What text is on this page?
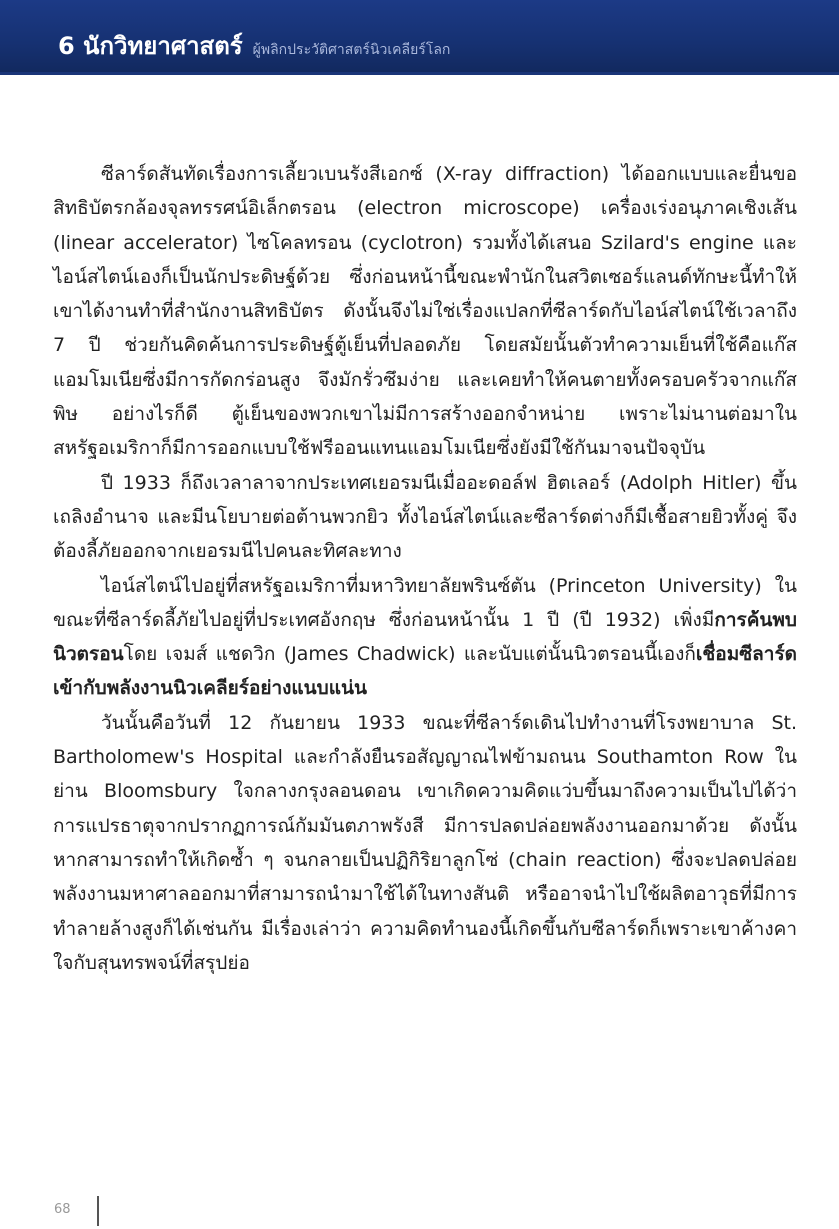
6 นักวิทยาศาสตร์ ผู้พลิกประวัติศาสตร์นิวเคลียร์โลก

ซีลาร์ดสันทัดเรื่องการเลี้ยวเบนรังสีเอกซ์ (X-ray diffraction) ได้ออกแบบและยื่นขอสิทธิบัตรกล้องจุลทรรศน์อิเล็กตรอน (electron microscope) เครื่องเร่งอนุภาคเชิงเส้น (linear accelerator) ไซโคลทรอน (cyclotron) รวมทั้งได้เสนอ Szilard's engine และไอน์สไตน์เองก็เป็นนักประดิษฐ์ด้วย ซึ่งก่อนหน้านี้ขณะพำนักในสวิตเซอร์แลนด์ทักษะนี้ทำให้เขาได้งานทำที่สำนักงานสิทธิบัตร ดังนั้นจึงไม่ใช่เรื่องแปลกที่ซีลาร์ดกับไอน์สไตน์ใช้เวลาถึง 7 ปี ช่วยกันคิดค้นการประดิษฐ์ตู้เย็นที่ปลอดภัย โดยสมัยนั้นตัวทำความเย็นที่ใช้คือแก๊สแอมโมเนียซึ่งมีการกัดกร่อนสูง จึงมักรั่วซึมง่าย และเคยทำให้คนตายทั้งครอบครัวจากแก๊สพิษ อย่างไรก็ดี ตู้เย็นของพวกเขาไม่มีการสร้างออกจำหน่าย เพราะไม่นานต่อมาในสหรัฐอเมริกาก็มีการออกแบบใช้ฟรีออนแทนแอมโมเนียซึ่งยังมีใช้กันมาจนปัจจุบัน

ปี 1933 ก็ถึงเวลาลาจากประเทศเยอรมนีเมื่ออะดอล์ฟ ฮิตเลอร์ (Adolph Hitler) ขึ้นเถลิงอำนาจ และมีนโยบายต่อต้านพวกยิว ทั้งไอน์สไตน์และซีลาร์ดต่างก็มีเชื้อสายยิวทั้งคู่ จึงต้องลี้ภัยออกจากเยอรมนีไปคนละทิศละทาง

ไอน์สไตน์ไปอยู่ที่สหรัฐอเมริกาที่มหาวิทยาลัยพรินซ์ตัน (Princeton University) ในขณะที่ซีลาร์ดลี้ภัยไปอยู่ที่ประเทศอังกฤษ ซึ่งก่อนหน้านั้น 1 ปี (ปี 1932) เพิ่งมีการค้นพบนิวตรอนโดย เจมส์ แชดวิก (James Chadwick) และนับแต่นั้นนิวตรอนนี้เองก็เชื่อมซีลาร์ดเข้ากับพลังงานนิวเคลียร์อย่างแนบแน่น

วันนั้นคือวันที่ 12 กันยายน 1933 ขณะที่ซีลาร์ดเดินไปทำงานที่โรงพยาบาล St. Bartholomew's Hospital และกำลังยืนรอสัญญาณไฟข้ามถนน Southamton Row ในย่าน Bloomsbury ใจกลางกรุงลอนดอน เขาเกิดความคิดแว่บขึ้นมาถึงความเป็นไปได้ว่า การแปรธาตุจากปรากฏการณ์กัมมันตภาพรังสี มีการปลดปล่อยพลังงานออกมาด้วย ดังนั้น หากสามารถทำให้เกิดซ้ำ ๆ จนกลายเป็นปฏิกิริยาลูกโซ่ (chain reaction) ซึ่งจะปลดปล่อยพลังงานมหาศาลออกมาที่สามารถนำมาใช้ได้ในทางสันติ หรืออาจนำไปใช้ผลิตอาวุธที่มีการทำลายล้างสูงก็ได้เช่นกัน มีเรื่องเล่าว่า ความคิดทำนองนี้เกิดขึ้นกับซีลาร์ดก็เพราะเขาค้างคาใจกับสุนทรพจน์ที่สรุปย่อ

68
